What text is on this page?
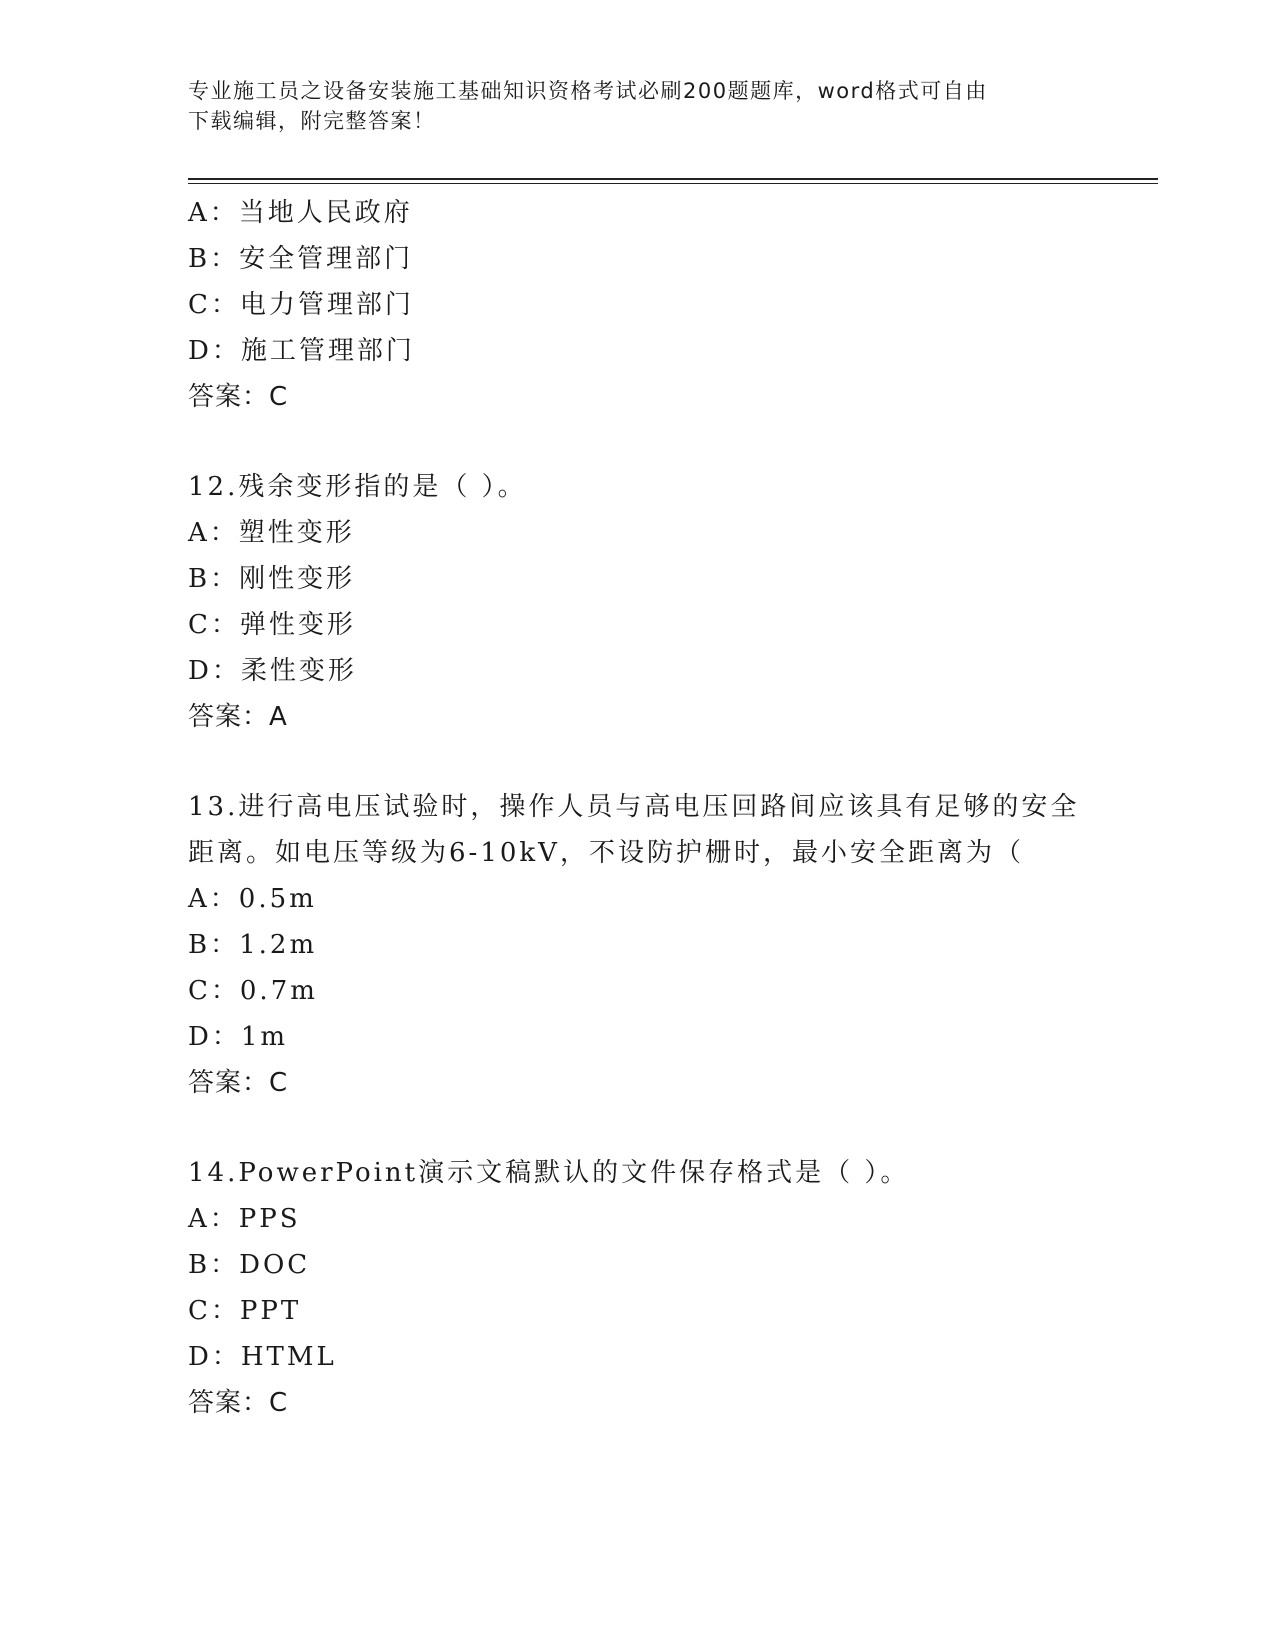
专业施工员之设备安装施工基础知识资格考试必刷200题题库，word格式可自由
下载编辑，附完整答案！
A：当地人民政府
B：安全管理部门
C：电力管理部门
D：施工管理部门
答案：C
12.残余变形指的是（ ）。
A：塑性变形
B：刚性变形
C：弹性变形
D：柔性变形
答案：A
13.进行高电压试验时，操作人员与高电压回路间应该具有足够的安全
距离。如电压等级为6-10kV，不设防护栅时，最小安全距离为（
A：0.5m
B：1.2m
C：0.7m
D：1m
答案：C
14.PowerPoint演示文稿默认的文件保存格式是（ ）。
A：PPS
B：DOC
C：PPT
D：HTML
答案：C
